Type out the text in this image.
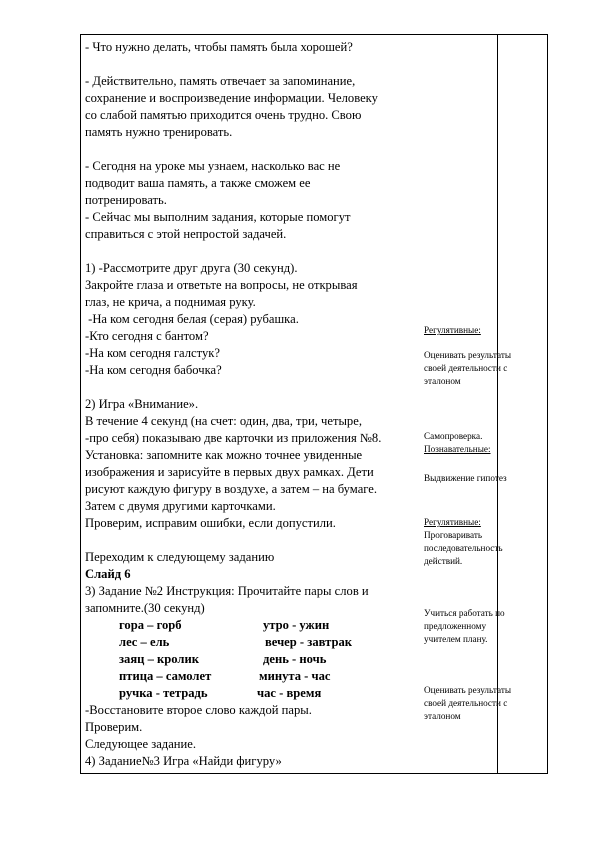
- Что нужно делать, чтобы память была хорошей?

- Действительно, память отвечает за запоминание,

сохранение и воспроизведение информации. Человеку

со слабой памятью приходится очень трудно. Свою

память нужно тренировать.

- Сегодня на уроке мы узнаем, насколько вас не

подводит ваша память, а также сможем ее

потренировать.

- Сейчас мы выполним задания, которые помогут

справиться с этой непростой задачей.

1) -Рассмотрите друг друга (30 секунд).

Закройте глаза и ответьте на вопросы, не открывая

глаз, не крича, а поднимая руку.

-На ком сегодня белая (серая) рубашка.

-Кто сегодня с бантом?

-На ком сегодня галстук?

-На ком сегодня бабочка?

2) Игра «Внимание».

В течение 4 секунд (на счет: один, два, три, четыре,

-про себя) показываю две карточки из приложения №8.

Установка: запомните как можно точнее увиденные

изображения и зарисуйте в первых двух рамках. Дети

рисуют каждую фигуру в воздухе, а затем – на бумаге.

Затем с двумя другими карточками.

Проверим, исправим ошибки, если допустили.

Переходим к следующему заданию

Слайд 6

3) Задание №2 Инструкция: Прочитайте пары слов и

запомните.(30 секунд)

гора – горб	утро - ужин
лес – ель	вечер - завтрак
заяц – кролик	день - ночь
птица – самолет	минута - час
ручка - тетрадь	час - время

-Восстановите второе слово каждой пары.

Проверим.

Следующее задание.

4) Задание№3 Игра «Найди фигуру»

Регулятивные:

Оценивать результаты

своей деятельности с

эталоном

Самопроверка.

Познавательные:

Выдвижение гипотез

Регулятивные:

Проговаривать

последовательность

действий.

Учиться работать по

предложенному

учителем плану.

Оценивать результаты

своей деятельности с

эталоном
